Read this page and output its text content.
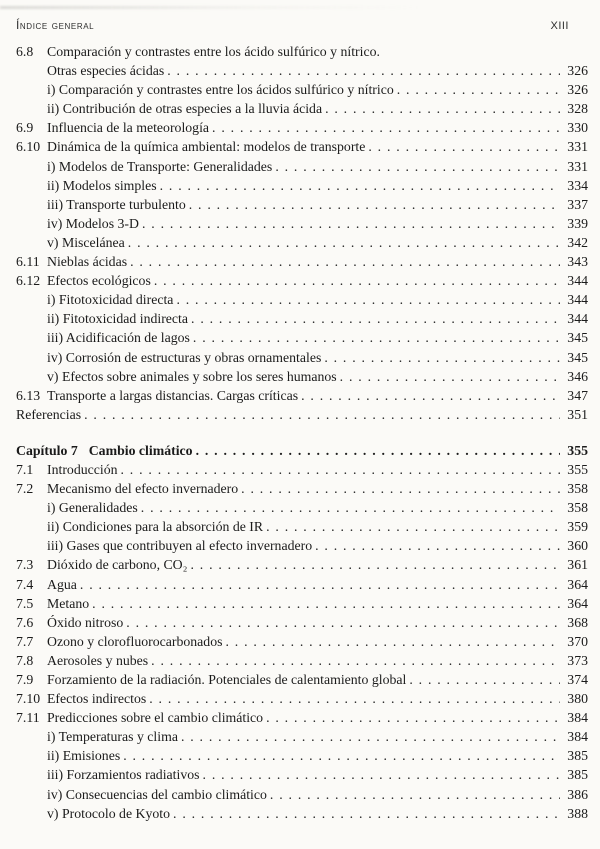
Índice general	XIII
6.8 Comparación y contrastes entre los ácido sulfúrico y nítrico.
Otras especies ácidas . . .	326
i) Comparación y contrastes entre los ácidos sulfúrico y nítrico . . .	326
ii) Contribución de otras especies a la lluvia ácida . . .	328
6.9 Influencia de la meteorología . . .	330
6.10 Dinámica de la química ambiental: modelos de transporte . . .	331
i) Modelos de Transporte: Generalidades . . .	331
ii) Modelos simples . . .	334
iii) Transporte turbulento . . .	337
iv) Modelos 3-D . . .	339
v) Miscelánea . . .	342
6.11 Nieblas ácidas . . .	343
6.12 Efectos ecológicos . . .	344
i) Fitotoxicidad directa . . .	344
ii) Fitotoxicidad indirecta . . .	344
iii) Acidificación de lagos . . .	345
iv) Corrosión de estructuras y obras ornamentales . . .	345
v) Efectos sobre animales y sobre los seres humanos . . .	346
6.13 Transporte a largas distancias. Cargas críticas . . .	347
Referencias . . .	351
Capítulo 7 Cambio climático . . .	355
7.1 Introducción . . .	355
7.2 Mecanismo del efecto invernadero . . .	358
i) Generalidades . . .	358
ii) Condiciones para la absorción de IR . . .	359
iii) Gases que contribuyen al efecto invernadero . . .	360
7.3 Dióxido de carbono, CO₂ . . .	361
7.4 Agua . . .	364
7.5 Metano . . .	364
7.6 Óxido nitroso . . .	368
7.7 Ozono y clorofluorocarbonados . . .	370
7.8 Aerosoles y nubes . . .	373
7.9 Forzamiento de la radiación. Potenciales de calentamiento global . . .	374
7.10 Efectos indirectos . . .	380
7.11 Predicciones sobre el cambio climático . . .	384
i) Temperaturas y clima . . .	384
ii) Emisiones . . .	385
iii) Forzamientos radiativos . . .	385
iv) Consecuencias del cambio climático . . .	386
v) Protocolo de Kyoto . . .	388
